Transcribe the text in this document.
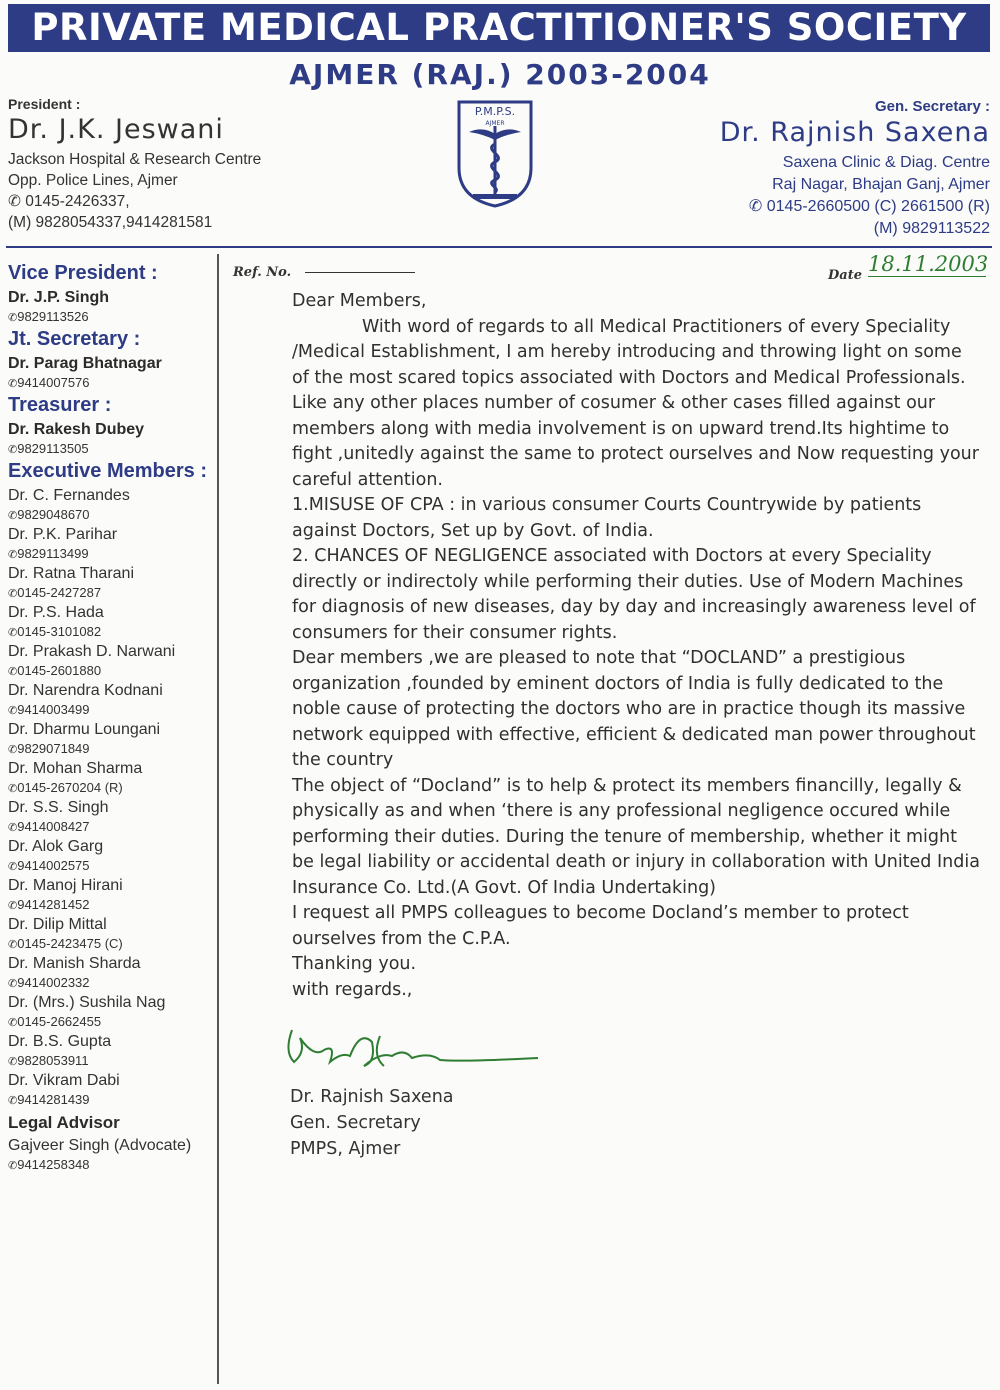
PRIVATE MEDICAL PRACTITIONER'S SOCIETY
AJMER (RAJ.) 2003-2004
President :
Dr. J.K. Jeswani
Jackson Hospital & Research Centre
Opp. Police Lines, Ajmer
✆ 0145-2426337,
(M) 9828054337,9414281581
P.M.P.S.
AJMER
Gen. Secretary :
Dr. Rajnish Saxena
Saxena Clinic & Diag. Centre
Raj Nagar, Bhajan Ganj, Ajmer
✆ 0145-2660500 (C) 2661500 (R)
(M) 9829113522
Vice President :
Dr. J.P. Singh
✆ 9829113526
Jt. Secretary :
Dr. Parag Bhatnagar
✆ 9414007576
Treasurer :
Dr. Rakesh Dubey
✆ 9829113505
Executive Members :
Dr. C. Fernandes
✆ 9829048670
Dr. P.K. Parihar
✆ 9829113499
Dr. Ratna Tharani
✆ 0145-2427287
Dr. P.S. Hada
✆ 0145-3101082
Dr. Prakash D. Narwani
✆ 0145-2601880
Dr. Narendra Kodnani
✆ 9414003499
Dr. Dharmu Loungani
✆ 9829071849
Dr. Mohan Sharma
✆ 0145-2670204 (R)
Dr. S.S. Singh
✆ 9414008427
Dr. Alok Garg
✆ 9414002575
Dr. Manoj Hirani
✆ 9414281452
Dr. Dilip Mittal
✆ 0145-2423475 (C)
Dr. Manish Sharda
✆ 9414002332
Dr. (Mrs.) Sushila Nag
✆ 0145-2662455
Dr. B.S. Gupta
✆ 9828053911
Dr. Vikram Dabi
✆ 9414281439
Legal Advisor
Gajveer Singh (Advocate)
✆ 9414258348
Ref. No.	Date 18.11.2003

Dear Members,

With word of regards to all Medical Practitioners of every Speciality /Medical Establishment, I am hereby introducing and throwing light on some of the most scared topics associated with Doctors and Medical Professionals. Like any other places number of cosumer & other cases filled against our members along with media involvement is on upward trend.Its hightime to fight ,unitedly against the same to protect ourselves and Now requesting your careful attention.

1.MISUSE OF CPA : in various consumer Courts Countrywide by patients against Doctors, Set up by Govt. of India.

2. CHANCES OF NEGLIGENCE associated with Doctors at every Speciality directly or indirectoly while performing their duties. Use of Modern Machines for diagnosis of new diseases, day by day and increasingly awareness level of consumers for their consumer rights.

Dear members ,we are pleased to note that “DOCLAND” a prestigious organization ,founded by eminent doctors of India is fully dedicated to the noble cause of protecting the doctors who are in practice though its massive network equipped with effective, efficient & dedicated man power throughout the country

The object of “Docland” is to help & protect its members financilly, legally & physically as and when ‘there is any professional negligence occured while performing their duties. During the tenure of membership, whether it might be legal liability or accidental death or injury in collaboration with United India Insurance Co. Ltd.(A Govt. Of India Undertaking)

I request all PMPS colleagues to become Docland’s member to protect ourselves from the C.P.A.

Thanking you.

with regards.,

Dr. Rajnish Saxena
Gen. Secretary
PMPS, Ajmer
